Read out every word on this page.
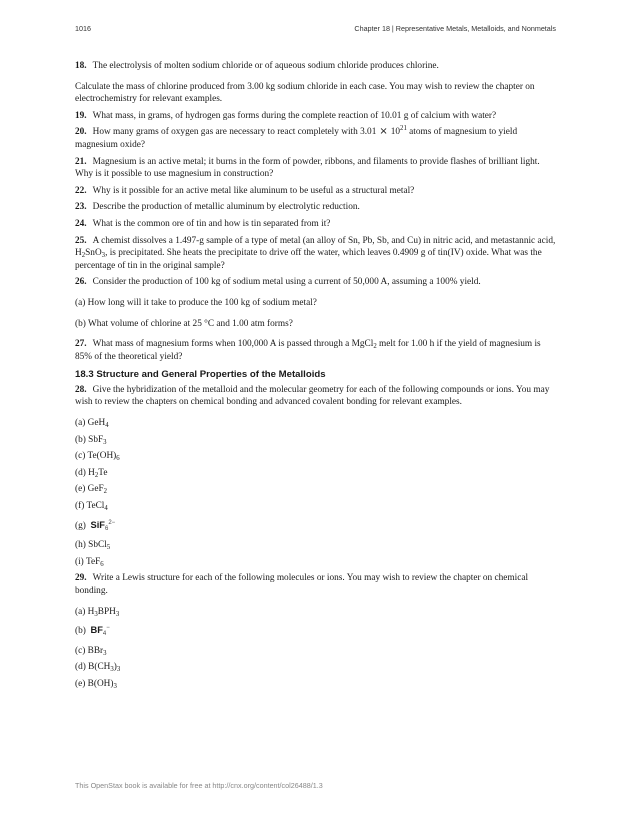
1016	Chapter 18 | Representative Metals, Metalloids, and Nonmetals

18. The electrolysis of molten sodium chloride or of aqueous sodium chloride produces chlorine.

Calculate the mass of chlorine produced from 3.00 kg sodium chloride in each case. You may wish to review the chapter on electrochemistry for relevant examples.

19. What mass, in grams, of hydrogen gas forms during the complete reaction of 10.01 g of calcium with water?

20. How many grams of oxygen gas are necessary to react completely with $3.01 \times 10^{21}$ atoms of magnesium to yield magnesium oxide?

21. Magnesium is an active metal; it burns in the form of powder, ribbons, and filaments to provide flashes of brilliant light. Why is it possible to use magnesium in construction?

22. Why is it possible for an active metal like aluminum to be useful as a structural metal?

23. Describe the production of metallic aluminum by electrolytic reduction.

24. What is the common ore of tin and how is tin separated from it?

25. A chemist dissolves a 1.497-g sample of a type of metal (an alloy of Sn, Pb, Sb, and Cu) in nitric acid, and metastannic acid, $H_2SnO_3$, is precipitated. She heats the precipitate to drive off the water, which leaves 0.4909 g of tin(IV) oxide. What was the percentage of tin in the original sample?

26. Consider the production of 100 kg of sodium metal using a current of 50,000 A, assuming a 100% yield.

(a) How long will it take to produce the 100 kg of sodium metal?

(b) What volume of chlorine at 25 °C and 1.00 atm forms?

27. What mass of magnesium forms when 100,000 A is passed through a MgCl$_2$ melt for 1.00 h if the yield of magnesium is 85% of the theoretical yield?

18.3 Structure and General Properties of the Metalloids

28. Give the hybridization of the metalloid and the molecular geometry for each of the following compounds or ions. You may wish to review the chapters on chemical bonding and advanced covalent bonding for relevant examples.

(a) GeH$_4$

(b) SbF$_3$

(c) $Te(OH)_6$

(d) $H_2Te$

(e) GeF$_2$

(f) TeCl$_4$

(g) SiF$_6^{2-}$

(h) SbCl$_5$

(i) TeF$_6$

29. Write a Lewis structure for each of the following molecules or ions. You may wish to review the chapter on chemical bonding.

(a) $H_3BPH_3$

(b) $BF_4^-$

(c) BBr$_3$

(d) $B(CH_3)_3$

(e) $B(OH)_3$

This OpenStax book is available for free at http://cnx.org/content/col26488/1.3
